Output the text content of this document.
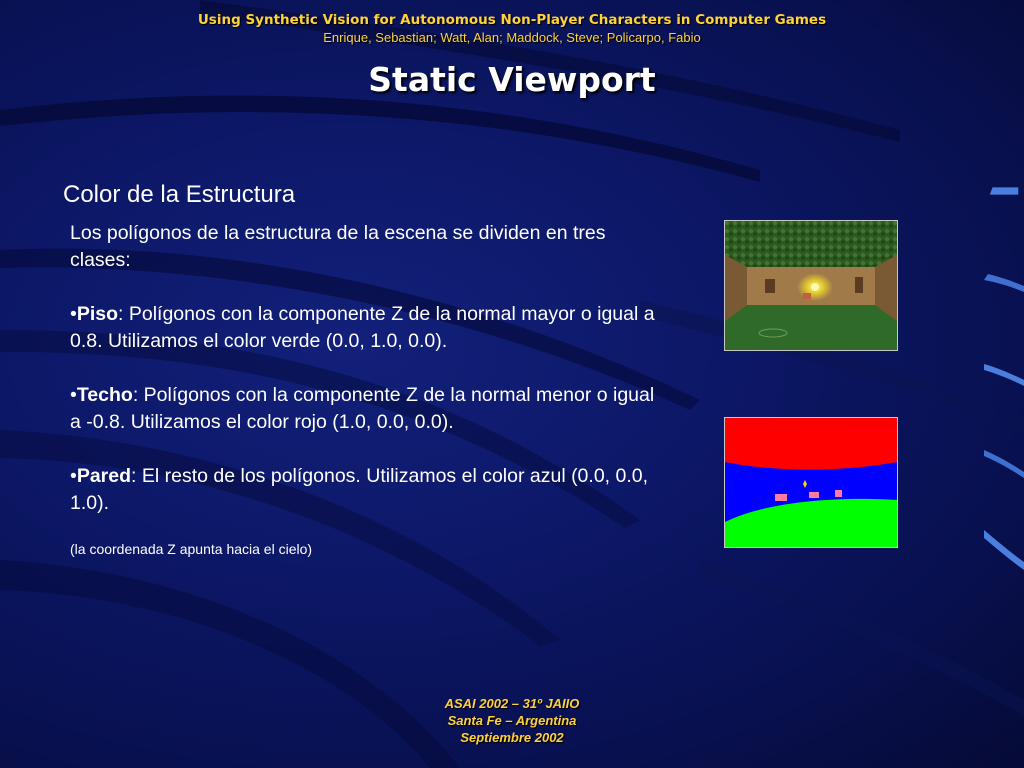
Using Synthetic Vision for Autonomous Non-Player Characters in Computer Games
Enrique, Sebastian; Watt, Alan; Maddock, Steve; Policarpo, Fabio
Static Viewport
Color de la Estructura

Los polígonos de la estructura de la escena se dividen en tres clases:

•Piso: Polígonos con la componente Z de la normal mayor o igual a 0.8. Utilizamos el color verde (0.0, 1.0, 0.0).

•Techo: Polígonos con la componente Z de la normal menor o igual a -0.8. Utilizamos el color rojo (1.0, 0.0, 0.0).

•Pared: El resto de los polígonos. Utilizamos el color azul (0.0, 0.0, 1.0).

(la coordenada Z apunta hacia el cielo)

ASAI 2002 – 31º JAIIO
Santa Fe – Argentina
Septiembre 2002
